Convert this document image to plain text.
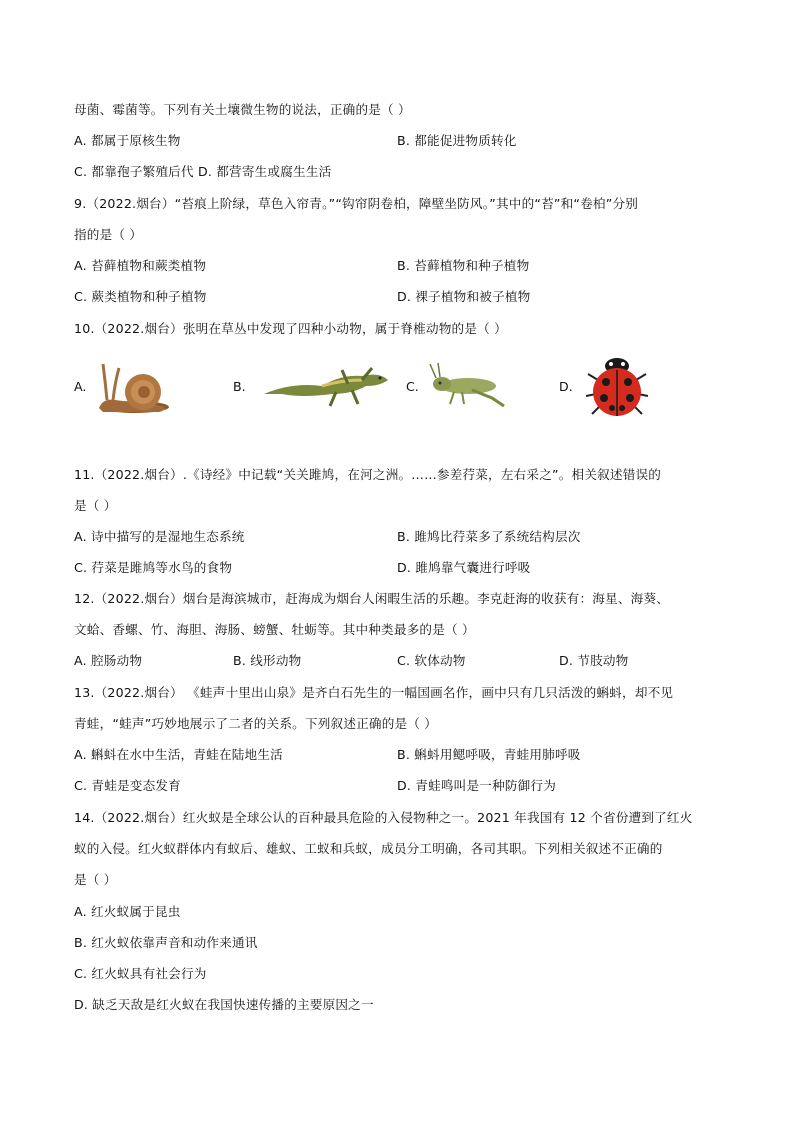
母菌、霉菌等。下列有关土壤微生物的说法，正确的是（ ）
A. 都属于原核生物	B. 都能促进物质转化
C. 都靠孢子繁殖后代 D. 都营寄生或腐生生活
9.（2022.烟台）“苔痕上阶绿，草色入帘青。”“钩帘阴卷柏，障壁坐防风。”其中的“苔”和“卷柏”分别
指的是（ ）
A. 苔藓植物和蕨类植物	B. 苔藓植物和种子植物
C. 蕨类植物和种子植物	D. 裸子植物和被子植物
10.（2022.烟台）张明在草丛中发现了四种小动物，属于脊椎动物的是（ ）
A.	B.	C.	D.
11.（2022.烟台）.《诗经》中记载“关关雎鸠，在河之洲。……参差荇菜，左右采之”。相关叙述错误的
是（ ）
A. 诗中描写的是湿地生态系统	B. 雎鸠比荇菜多了系统结构层次
C. 荇菜是雎鸠等水鸟的食物	D. 雎鸠靠气囊进行呼吸
12.（2022.烟台）烟台是海滨城市，赶海成为烟台人闲暇生活的乐趣。李克赶海的收获有：海星、海葵、
文蛤、香螺、竹、海胆、海肠、螃蟹、牡蛎等。其中种类最多的是（ ）
A. 腔肠动物	B. 线形动物	C. 软体动物	D. 节肢动物
13.（2022.烟台） 《蛙声十里出山泉》是齐白石先生的一幅国画名作，画中只有几只活泼的蝌蚪，却不见
青蛙，“蛙声”巧妙地展示了二者的关系。下列叙述正确的是（ ）
A. 蝌蚪在水中生活，青蛙在陆地生活	B. 蝌蚪用鳃呼吸，青蛙用肺呼吸
C. 青蛙是变态发育	D. 青蛙鸣叫是一种防御行为
14.（2022.烟台）红火蚁是全球公认的百种最具危险的入侵物种之一。2021 年我国有 12 个省份遭到了红火
蚁的入侵。红火蚁群体内有蚁后、雄蚁、工蚁和兵蚁，成员分工明确，各司其职。下列相关叙述不正确的
是（ ）
A. 红火蚁属于昆虫
B. 红火蚁依靠声音和动作来通讯
C. 红火蚁具有社会行为
D. 缺乏天敌是红火蚁在我国快速传播的主要原因之一
